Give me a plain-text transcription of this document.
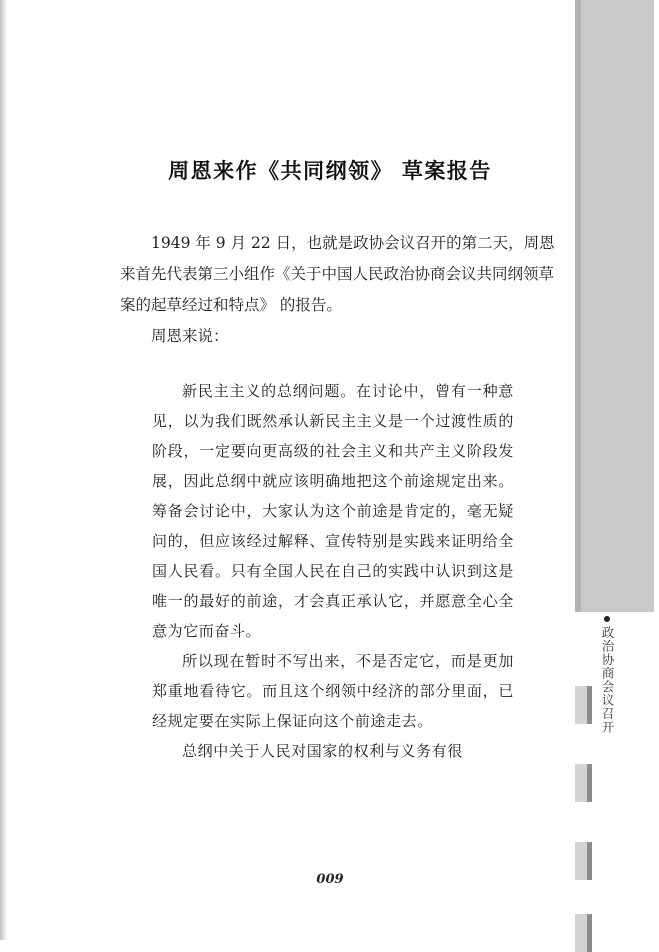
政治协商会议召开
周恩来作《共同纲领》 草案报告

1949 年 9 月 22 日，也就是政协会议召开的第二天，周恩来首先代表第三小组作《关于中国人民政治协商会议共同纲领草案的起草经过和特点》 的报告。

周恩来说：

新民主主义的总纲问题。在讨论中，曾有一种意见，以为我们既然承认新民主主义是一个过渡性质的阶段，一定要向更高级的社会主义和共产主义阶段发展，因此总纲中就应该明确地把这个前途规定出来。筹备会讨论中，大家认为这个前途是肯定的，毫无疑问的，但应该经过解释、宣传特别是实践来证明给全国人民看。只有全国人民在自己的实践中认识到这是唯一的最好的前途，才会真正承认它，并愿意全心全意为它而奋斗。

所以现在暂时不写出来，不是否定它，而是更加郑重地看待它。而且这个纲领中经济的部分里面，已经规定要在实际上保证向这个前途走去。

总纲中关于人民对国家的权利与义务有很

009
